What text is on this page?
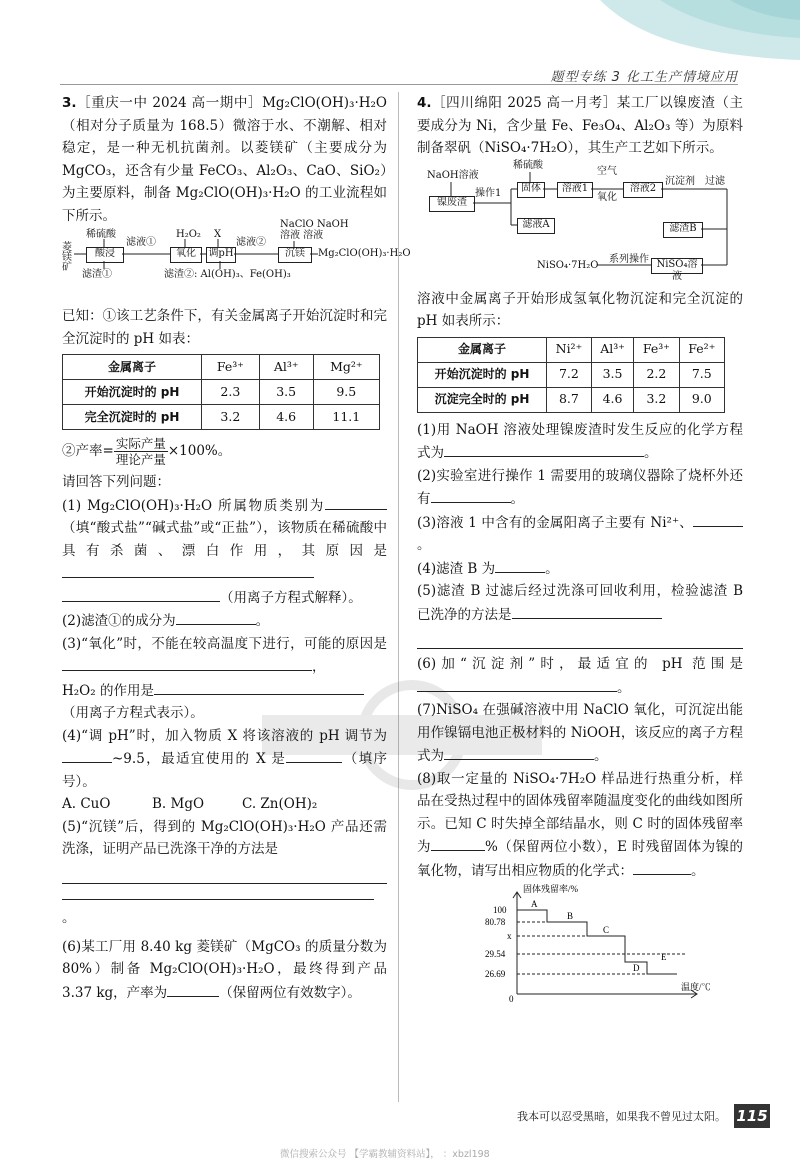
题型专练 3 化工生产情境应用

3.［重庆一中 2024 高一期中］Mg₂ClO(OH)₃·H₂O（相对分子质量为 168.5）微溶于水、不潮解、相对稳定，是一种无机抗菌剂。以菱镁矿（主要成分为 MgCO₃，还含有少量 FeCO₃、Al₂O₃、CaO、SiO₂）为主要原料，制备 Mg₂ClO(OH)₃·H₂O 的工业流程如下所示。

菱镁矿
稀硫酸
酸浸
滤渣①
滤液①
H₂O₂
氧化
X
调pH
滤渣②: Al(OH)₃、Fe(OH)₃
滤液②
NaClO NaOH
溶液 溶液
沉镁	Mg₂ClO(OH)₃·H₂O

已知：①该工艺条件下，有关金属离子开始沉淀时和完全沉淀时的 pH 如表：

金属离子	Fe³⁺	Al³⁺	Mg²⁺
开始沉淀时的 pH	2.3	3.5	9.5
完全沉淀时的 pH	3.2	4.6	11.1

②产率= $\frac{\text{实际产量}}{\text{理论产量}} \times 100\%$。

请回答下列问题：

(1) Mg₂ClO(OH)₃·H₂O 所属物质类别为（填“酸式盐”“碱式盐”或“正盐”），该物质在稀硫酸中具有杀菌、漂白作用，其原因是

（用离子方程式解释）。

(2)滤渣①的成分为	。

(3)“氧化”时，不能在较高温度下进行，可能的原因是，

H₂O₂ 的作用是

（用离子方程式表示）。

(4)“调 pH”时，加入物质 X 将该溶液的 pH 调节为~9.5，最适宜使用的 X 是	（填序号）。

A. CuO	B. MgO	C. Zn(OH)₂

(5)“沉镁”后，得到的 Mg₂ClO(OH)₃·H₂O 产品还需洗涤，证明产品已洗涤干净的方法是

。

(6)某工厂用 8.40 kg 菱镁矿（MgCO₃ 的质量分数为 80%）制备 Mg₂ClO(OH)₃·H₂O，最终得到产品 3.37 kg，产率为	（保留两位有效数字）。

4.［四川绵阳 2025 高一月考］某工厂以镍废渣（主要成分为 Ni，含少量 Fe、Fe₃O₄、Al₂O₃ 等）为原料制备翠矾（NiSO₄·7H₂O），其生产工艺如下所示。

NaOH溶液
稀硫酸
镍废渣
操作1	固体	溶液1
空气
氧化
溶液2
沉淀剂 过滤
滤液A	滤渣B
NiSO₄·7H₂O
系列操作 NiSO₄溶液

溶液中金属离子开始形成氢氧化物沉淀和完全沉淀的 pH 如表所示：

金属离子	Ni²⁺	Al³⁺	Fe³⁺	Fe²⁺
开始沉淀时的 pH	7.2	3.5	2.2	7.5
沉淀完全时的 pH	8.7	4.6	3.2	9.0

(1)用 NaOH 溶液处理镍废渣时发生反应的化学方程式为	。

(2)实验室进行操作 1 需要用的玻璃仪器除了烧杯外还有	。

(3)溶液 1 中含有的金属阳离子主要有 Ni²⁺、。

(4)滤渣 B 为	。

(5)滤渣 B 过滤后经过洗涤可回收利用，检验滤渣 B 已洗净的方法是

(6)加“沉淀剂”时，最适宜的 pH 范围是。

(7)NiSO₄ 在强碱溶液中用 NaClO 氧化，可沉淀出能用作镍镉电池正极材料的 NiOOH，该反应的离子方程式为	。

(8)取一定量的 NiSO₄·7H₂O 样品进行热重分析，样品在受热过程中的固体残留率随温度变化的曲线如图所示。已知 C 时失掉全部结晶水，则 C 时的固体残留率为	%（保留两位小数），E 时残留固体为镍的氧化物，请写出相应物质的化学式：	。

固体残留率/%
温度/℃
0
100
80.78
x
29.54
26.69
A
B
C
D
E
我本可以忍受黑暗，如果我不曾见过太阳。 115
微信搜索公众号 【学霸教辅资料站】， ：xbzl198
